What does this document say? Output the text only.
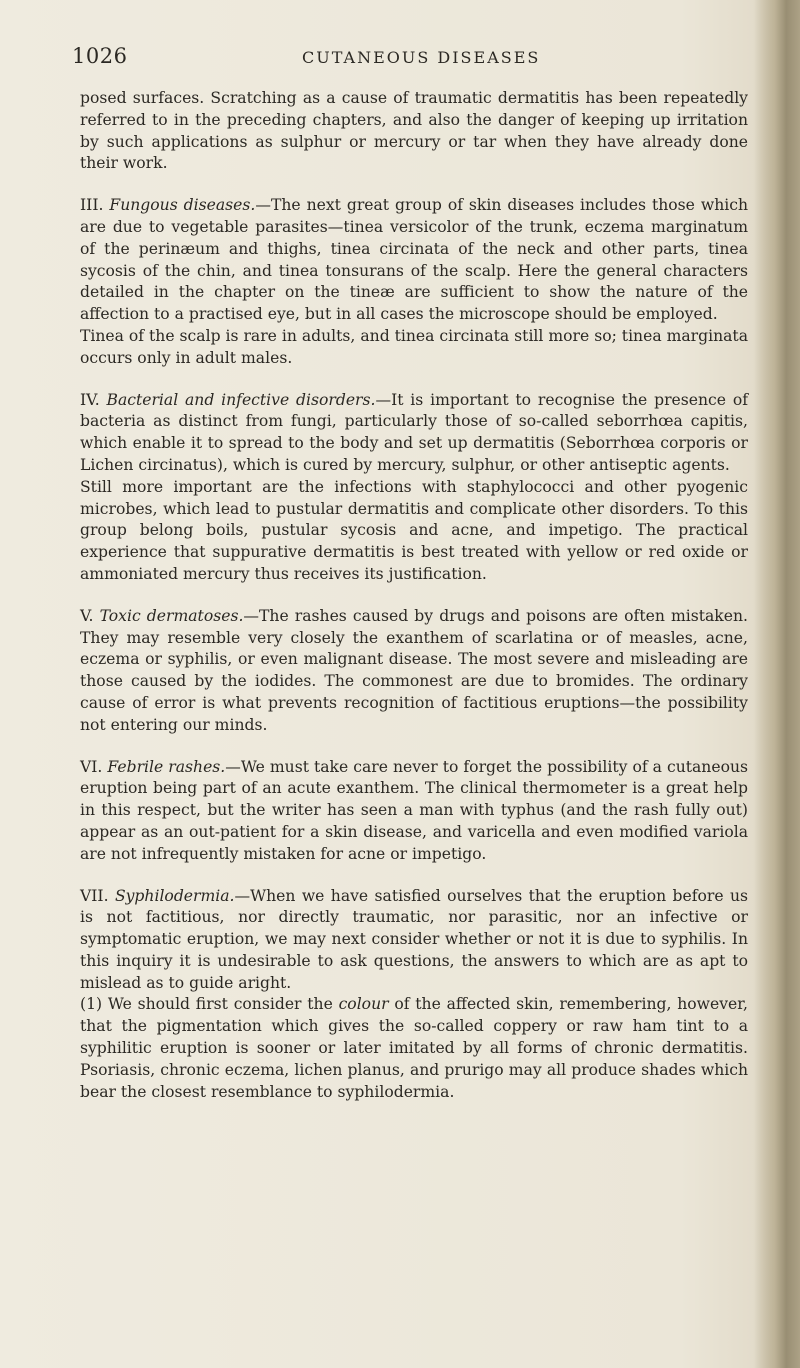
1026	CUTANEOUS DISEASES

posed surfaces. Scratching as a cause of traumatic dermatitis has been repeatedly referred to in the preceding chapters, and also the danger of keeping up irritation by such applications as sulphur or mercury or tar when they have already done their work.

III. Fungous diseases.—The next great group of skin diseases includes those which are due to vegetable parasites—tinea versicolor of the trunk, eczema marginatum of the perinæum and thighs, tinea circinata of the neck and other parts, tinea sycosis of the chin, and tinea tonsurans of the scalp. Here the general characters detailed in the chapter on the tineæ are sufficient to show the nature of the affection to a practised eye, but in all cases the microscope should be employed.

Tinea of the scalp is rare in adults, and tinea circinata still more so; tinea marginata occurs only in adult males.

IV. Bacterial and infective disorders.—It is important to recognise the presence of bacteria as distinct from fungi, particularly those of so-called seborrhœa capitis, which enable it to spread to the body and set up dermatitis (Seborrhœa corporis or Lichen circinatus), which is cured by mercury, sulphur, or other antiseptic agents.

Still more important are the infections with staphylococci and other pyogenic microbes, which lead to pustular dermatitis and complicate other disorders. To this group belong boils, pustular sycosis and acne, and impetigo. The practical experience that suppurative dermatitis is best treated with yellow or red oxide or ammoniated mercury thus receives its justification.

V. Toxic dermatoses.—The rashes caused by drugs and poisons are often mistaken. They may resemble very closely the exanthem of scarlatina or of measles, acne, eczema or syphilis, or even malignant disease. The most severe and misleading are those caused by the iodides. The commonest are due to bromides. The ordinary cause of error is what prevents recognition of factitious eruptions—the possibility not entering our minds.

VI. Febrile rashes.—We must take care never to forget the possibility of a cutaneous eruption being part of an acute exanthem. The clinical thermometer is a great help in this respect, but the writer has seen a man with typhus (and the rash fully out) appear as an out-patient for a skin disease, and varicella and even modified variola are not infrequently mistaken for acne or impetigo.

VII. Syphilodermia.—When we have satisfied ourselves that the eruption before us is not factitious, nor directly traumatic, nor parasitic, nor an infective or symptomatic eruption, we may next consider whether or not it is due to syphilis. In this inquiry it is undesirable to ask questions, the answers to which are as apt to mislead as to guide aright.

(1) We should first consider the colour of the affected skin, remembering, however, that the pigmentation which gives the so-called coppery or raw ham tint to a syphilitic eruption is sooner or later imitated by all forms of chronic dermatitis. Psoriasis, chronic eczema, lichen planus, and prurigo may all produce shades which bear the closest resemblance to syphilodermia.
